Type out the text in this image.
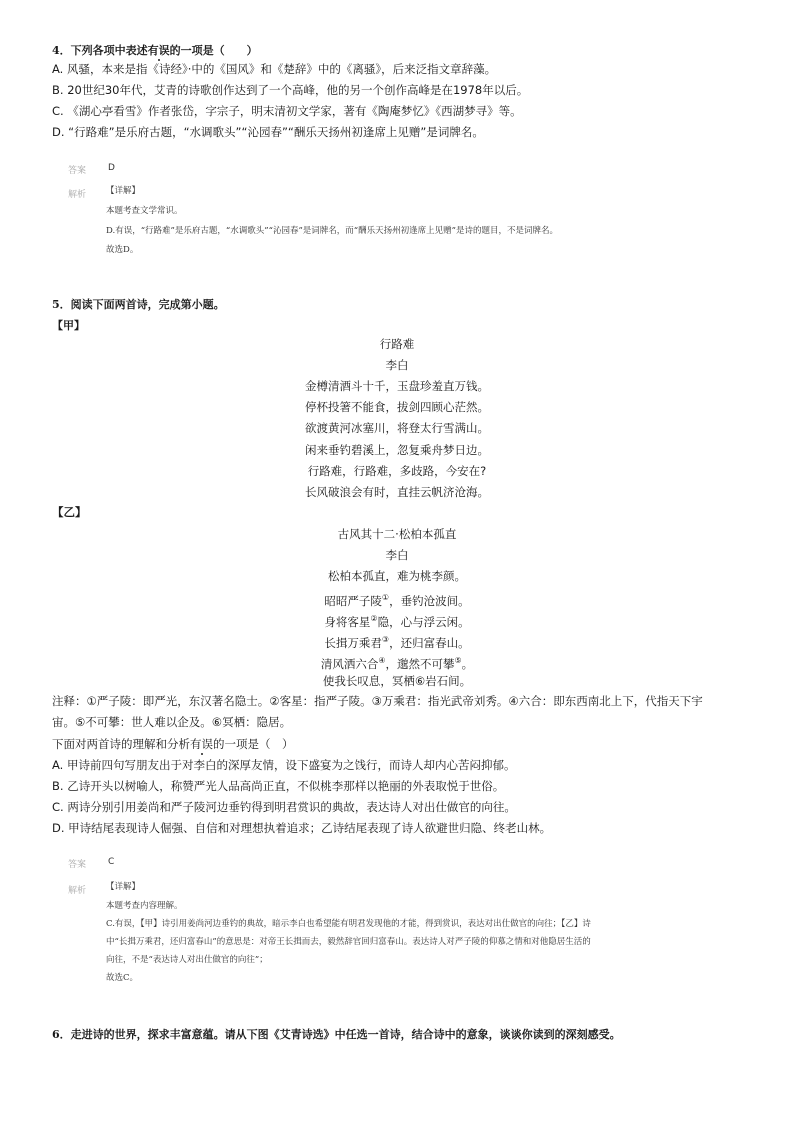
4．下列各项中表述有误的一项是（　　）
A. 风骚，本来是指《诗经》·中的《国风》和《楚辞》中的《离骚》，后来泛指文章辞藻。
B. 20世纪30年代，艾青的诗歌创作达到了一个高峰，他的另一个创作高峰是在1978年以后。
C. 《湖心亭看雪》作者张岱，字宗子，明末清初文学家，著有《陶庵梦忆》《西湖梦寻》等。
D. “行路难”是乐府古题，“水调歌头”“沁园春”“酬乐天扬州初逢席上见赠”是词牌名。
答案 D
解析 【详解】
本题考查文学常识。
D.有误，“行路难”是乐府古题，“水调歌头”“沁园春”是词牌名，而“酬乐天扬州初逢席上见赠”是诗的题目，不是词牌名。
故选D。
5．阅读下面两首诗，完成第小题。
【甲】
行路难
李白
金樽清酒斗十千，玉盘珍羞直万钱。
停杯投箸不能食，拔剑四顾心茫然。
欲渡黄河冰塞川，将登太行雪满山。
闲来垂钓碧溪上，忽复乘舟梦日边。
行路难，行路难，多歧路，今安在?
长风破浪会有时，直挂云帆济沧海。
【乙】
古风其十二·松柏本孤直
李白
松柏本孤直，难为桃李颜。
昭昭严子陵①，垂钓沧波间。
身将客星②隐，心与浮云闲。
长揖万乘君③，还归富春山。
清风洒六合④，邈然不可攀⑤。
使我长叹息，冥栖⑥岩石间。
注释：①严子陵：即严光，东汉著名隐士。②客星：指严子陵。③万乘君：指光武帝刘秀。④六合：即东西南北上下，代指天下宇
宙。⑤不可攀：世人难以企及。⑥冥栖：隐居。
下面对两首诗的理解和分析有误的一项是（　）
A. 甲诗前四句写朋友出于对李白的深厚友情，设下盛宴为之饯行，而诗人却内心苦闷抑郁。
B. 乙诗开头以树喻人，称赞严光人品高尚正直，不似桃李那样以艳丽的外表取悦于世俗。
C. 两诗分别引用姜尚和严子陵河边垂钓得到明君赏识的典故，表达诗人对出仕做官的向往。
D. 甲诗结尾表现诗人倔强、自信和对理想执着追求；乙诗结尾表现了诗人欲避世归隐、终老山林。
答案 C
解析 【详解】
本题考查内容理解。
C.有误，【甲】诗引用姜尚河边垂钓的典故，暗示李白也希望能有明君发现他的才能，得到赏识，表达对出仕做官的向往；【乙】诗
中“长揖万乘君，还归富春山”的意思是：对帝王长揖而去，毅然辞官回归富春山。表达诗人对严子陵的仰慕之情和对他隐居生活的
向往，不是“表达诗人对出仕做官的向往”；
故选C。
6．走进诗的世界，探求丰富意蕴。请从下图《艾青诗选》中任选一首诗，结合诗中的意象，谈谈你读到的深刻感受。
